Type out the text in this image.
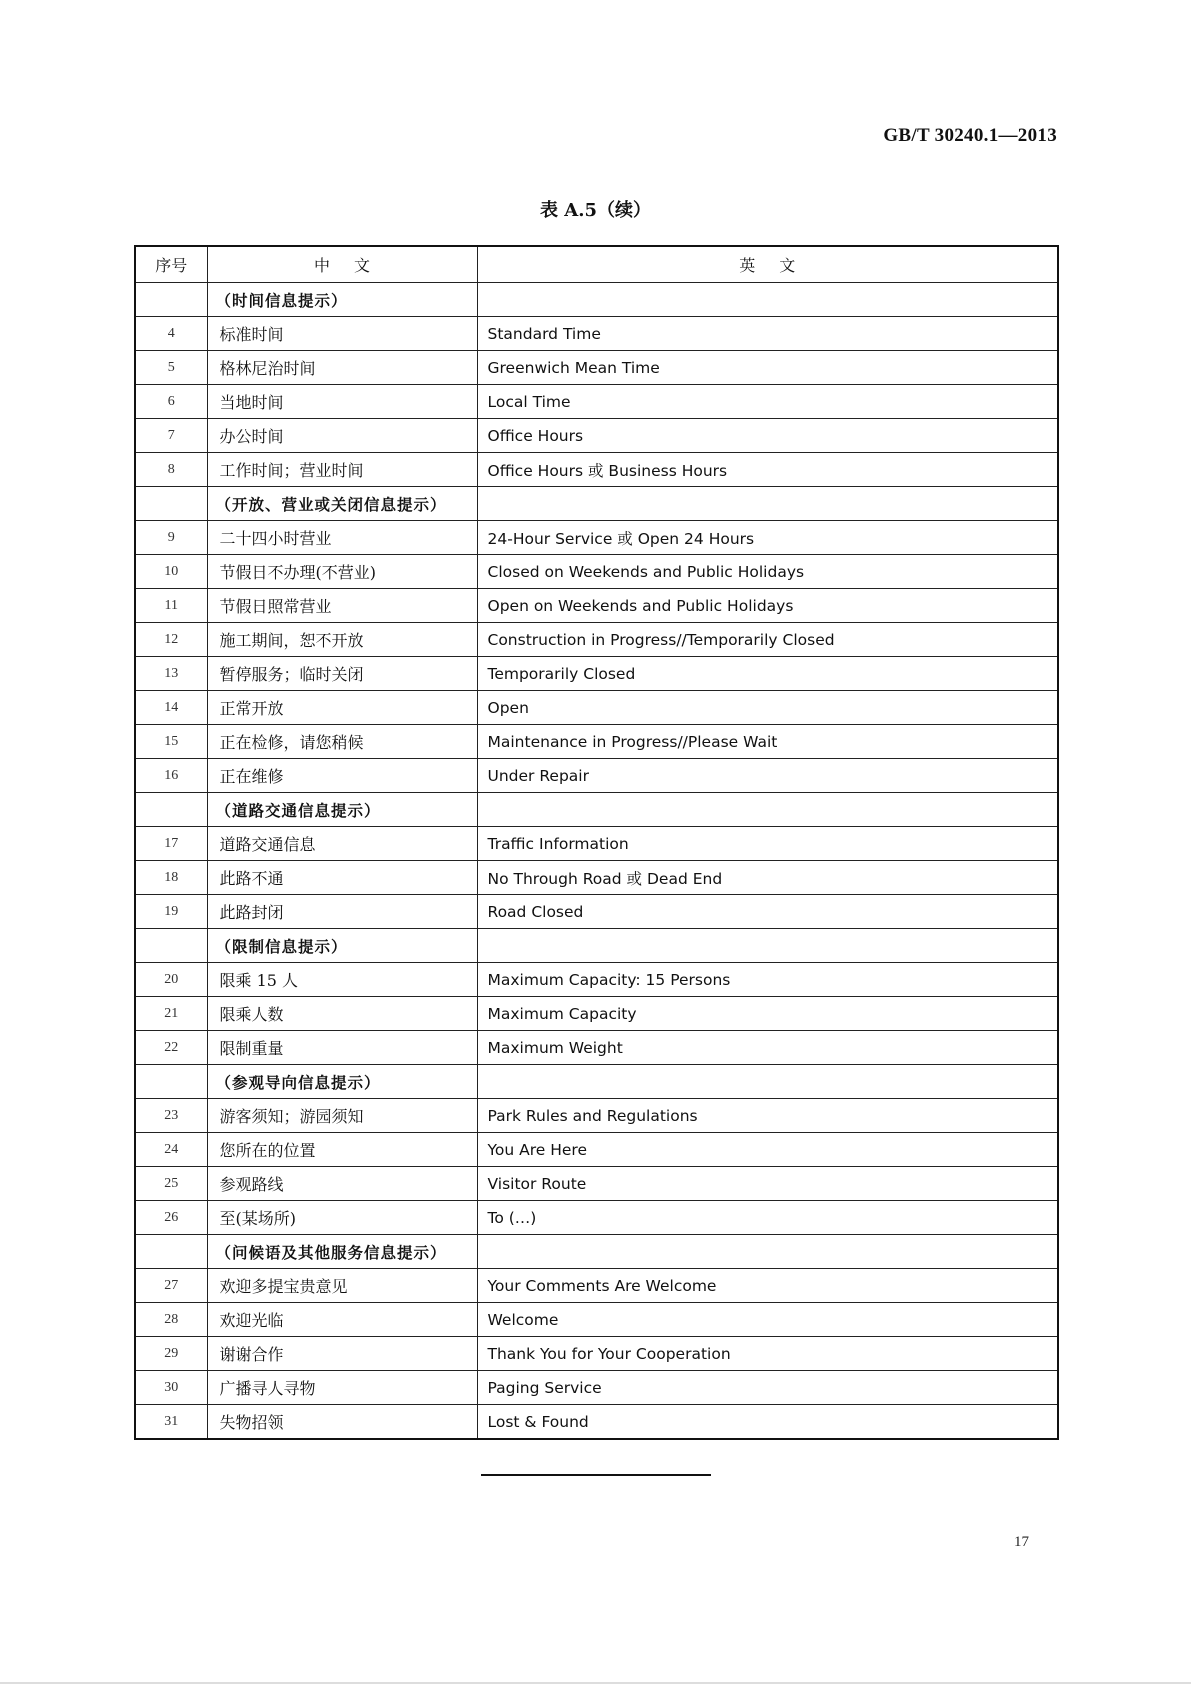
GB/T 30240.1—2013
表 A.5（续）
序号	中文	英文
	（时间信息提示）	
4	标准时间	Standard Time
5	格林尼治时间	Greenwich Mean Time
6	当地时间	Local Time
7	办公时间	Office Hours
8	工作时间；营业时间	Office Hours 或 Business Hours
	（开放、营业或关闭信息提示）	
9	二十四小时营业	24-Hour Service 或 Open 24 Hours
10	节假日不办理(不营业)	Closed on Weekends and Public Holidays
11	节假日照常营业	Open on Weekends and Public Holidays
12	施工期间，恕不开放	Construction in Progress//Temporarily Closed
13	暂停服务；临时关闭	Temporarily Closed
14	正常开放	Open
15	正在检修，请您稍候	Maintenance in Progress//Please Wait
16	正在维修	Under Repair
	（道路交通信息提示）	
17	道路交通信息	Traffic Information
18	此路不通	No Through Road 或 Dead End
19	此路封闭	Road Closed
	（限制信息提示）	
20	限乘 15 人	Maximum Capacity: 15 Persons
21	限乘人数	Maximum Capacity
22	限制重量	Maximum Weight
	（参观导向信息提示）	
23	游客须知；游园须知	Park Rules and Regulations
24	您所在的位置	You Are Here
25	参观路线	Visitor Route
26	至(某场所)	To (…)
	（问候语及其他服务信息提示）	
27	欢迎多提宝贵意见	Your Comments Are Welcome
28	欢迎光临	Welcome
29	谢谢合作	Thank You for Your Cooperation
30	广播寻人寻物	Paging Service
31	失物招领	Lost & Found
17
